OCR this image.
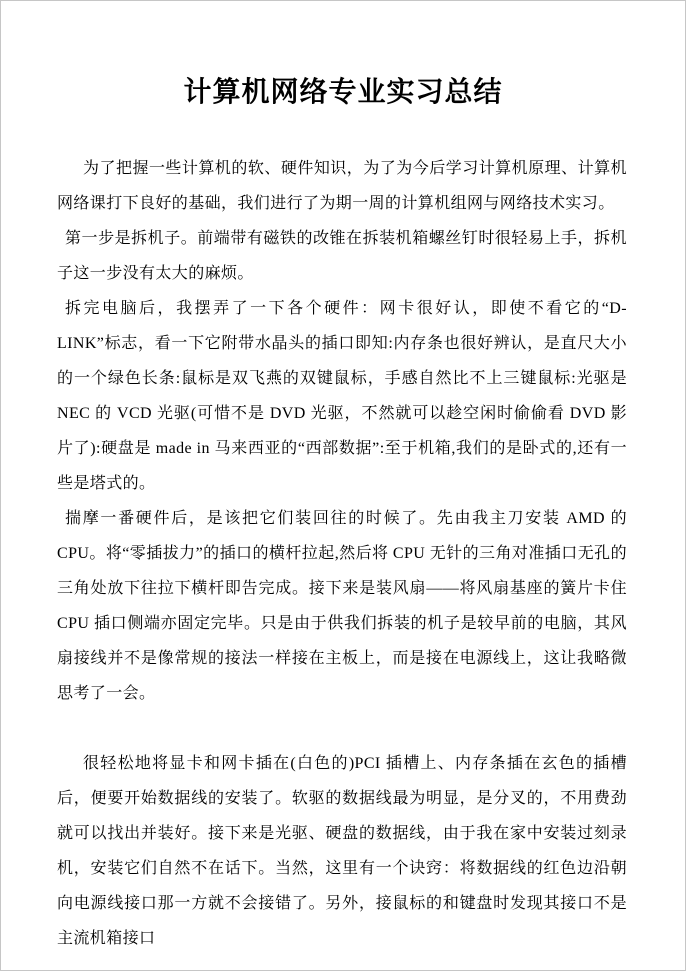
计算机网络专业实习总结

为了把握一些计算机的软、硬件知识，为了为今后学习计算机原理、计算机网络课打下良好的基础，我们进行了为期一周的计算机组网与网络技术实习。

第一步是拆机子。前端带有磁铁的改锥在拆装机箱螺丝钉时很轻易上手，拆机子这一步没有太大的麻烦。

拆完电脑后，我摆弄了一下各个硬件：网卡很好认，即使不看它的“D-LINK”标志，看一下它附带水晶头的插口即知:内存条也很好辨认，是直尺大小的一个绿色长条:鼠标是双飞燕的双键鼠标，手感自然比不上三键鼠标:光驱是 NEC 的 VCD 光驱(可惜不是 DVD 光驱，不然就可以趁空闲时偷偷看 DVD 影片了):硬盘是 made in 马来西亚的“西部数据”:至于机箱,我们的是卧式的,还有一些是塔式的。

揣摩一番硬件后，是该把它们装回往的时候了。先由我主刀安装 AMD 的 CPU。将“零插拔力”的插口的横杆拉起,然后将 CPU 无针的三角对准插口无孔的三角处放下往拉下横杆即告完成。接下来是装风扇——将风扇基座的簧片卡住 CPU 插口侧端亦固定完毕。只是由于供我们拆装的机子是较早前的电脑，其风扇接线并不是像常规的接法一样接在主板上，而是接在电源线上，这让我略微思考了一会。

很轻松地将显卡和网卡插在(白色的)PCI 插槽上、内存条插在玄色的插槽后，便要开始数据线的安装了。软驱的数据线最为明显，是分叉的，不用费劲就可以找出并装好。接下来是光驱、硬盘的数据线，由于我在家中安装过刻录机，安装它们自然不在话下。当然，这里有一个诀窍：将数据线的红色边沿朝向电源线接口那一方就不会接错了。另外，接鼠标的和键盘时发现其接口不是主流机箱接口
